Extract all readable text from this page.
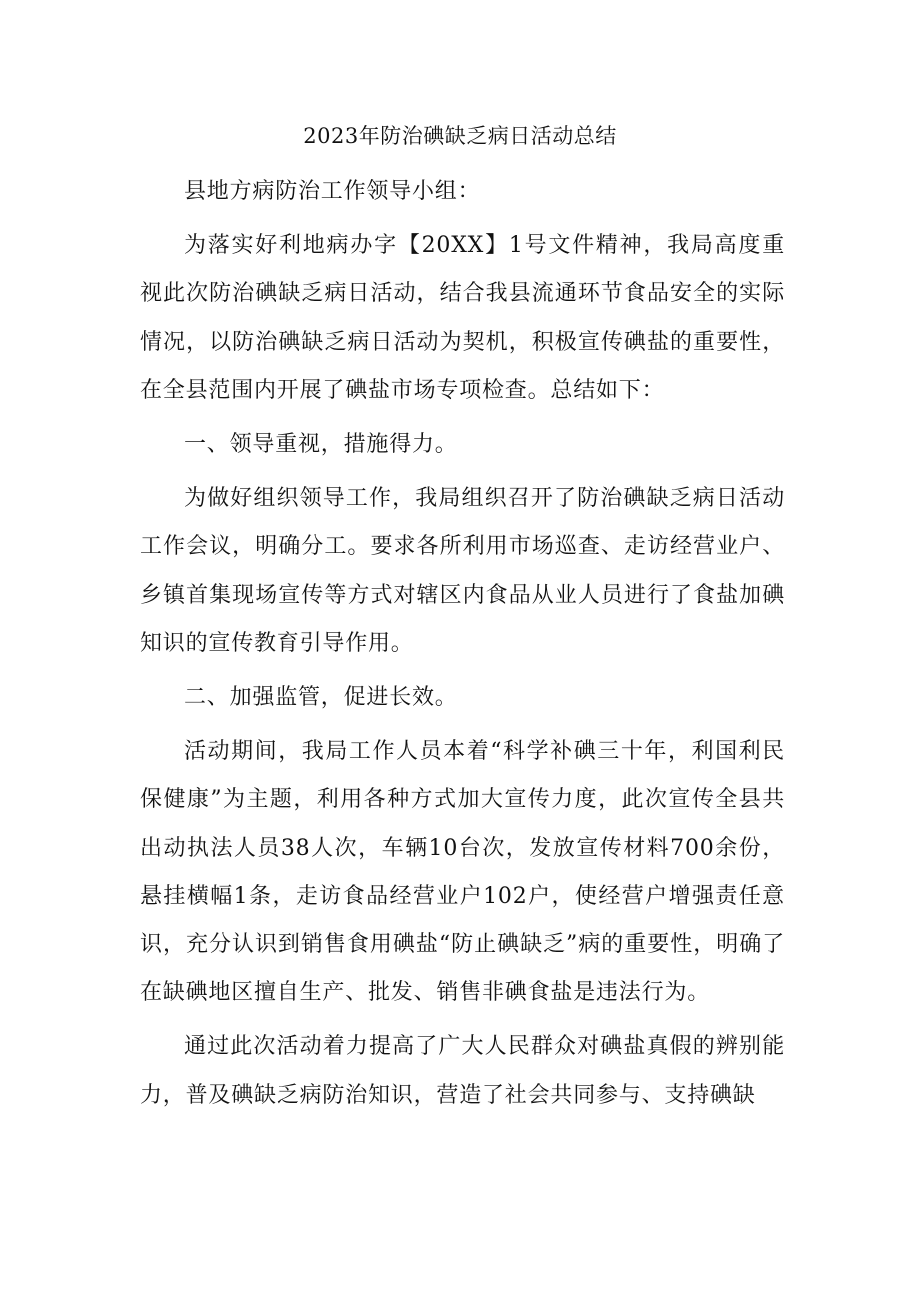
2023年防治碘缺乏病日活动总结

县地方病防治工作领导小组：

为落实好利地病办字【20XX】1号文件精神，我局高度重视此次防治碘缺乏病日活动，结合我县流通环节食品安全的实际情况，以防治碘缺乏病日活动为契机，积极宣传碘盐的重要性，在全县范围内开展了碘盐市场专项检查。总结如下：

一、领导重视，措施得力。

为做好组织领导工作，我局组织召开了防治碘缺乏病日活动工作会议，明确分工。要求各所利用市场巡查、走访经营业户、乡镇首集现场宣传等方式对辖区内食品从业人员进行了食盐加碘知识的宣传教育引导作用。

二、加强监管，促进长效。

活动期间，我局工作人员本着“科学补碘三十年，利国利民保健康”为主题，利用各种方式加大宣传力度，此次宣传全县共出动执法人员38人次，车辆10台次，发放宣传材料700余份，悬挂横幅1条，走访食品经营业户102户，使经营户增强责任意识，充分认识到销售食用碘盐“防止碘缺乏”病的重要性，明确了在缺碘地区擅自生产、批发、销售非碘食盐是违法行为。

通过此次活动着力提高了广大人民群众对碘盐真假的辨别能力，普及碘缺乏病防治知识，营造了社会共同参与、支持碘缺
